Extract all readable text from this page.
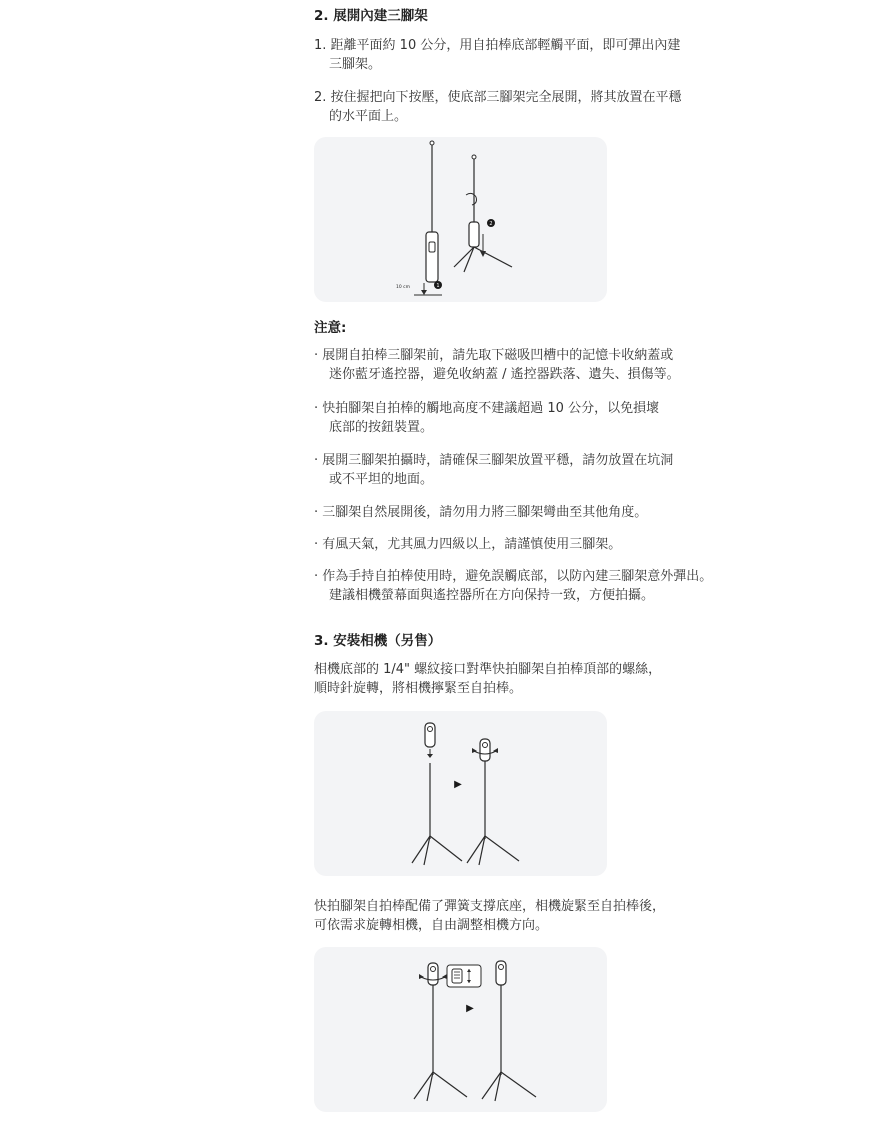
2. 展開內建三腳架
1. 距離平面約 10 公分，用自拍棒底部輕觸平面，即可彈出內建
三腳架。
2. 按住握把向下按壓，使底部三腳架完全展開，將其放置在平穩
的水平面上。
10 cm	1
2
注意:
· 展開自拍棒三腳架前，請先取下磁吸凹槽中的記憶卡收納蓋或
迷你藍牙遙控器，避免收納蓋 / 遙控器跌落、遺失、損傷等。
· 快拍腳架自拍棒的觸地高度不建議超過 10 公分，以免損壞
底部的按鈕裝置。
· 展開三腳架拍攝時，請確保三腳架放置平穩，請勿放置在坑洞
或不平坦的地面。
· 三腳架自然展開後，請勿用力將三腳架彎曲至其他角度。
· 有風天氣，尤其風力四級以上，請謹慎使用三腳架。
· 作為手持自拍棒使用時，避免誤觸底部，以防內建三腳架意外彈出。
建議相機螢幕面與遙控器所在方向保持一致，方便拍攝。
3. 安裝相機（另售）
相機底部的 1/4" 螺紋接口對準快拍腳架自拍棒頂部的螺絲，
順時針旋轉，將相機擰緊至自拍棒。
▶
快拍腳架自拍棒配備了彈簧支撐底座，相機旋緊至自拍棒後，
可依需求旋轉相機，自由調整相機方向。
▶
